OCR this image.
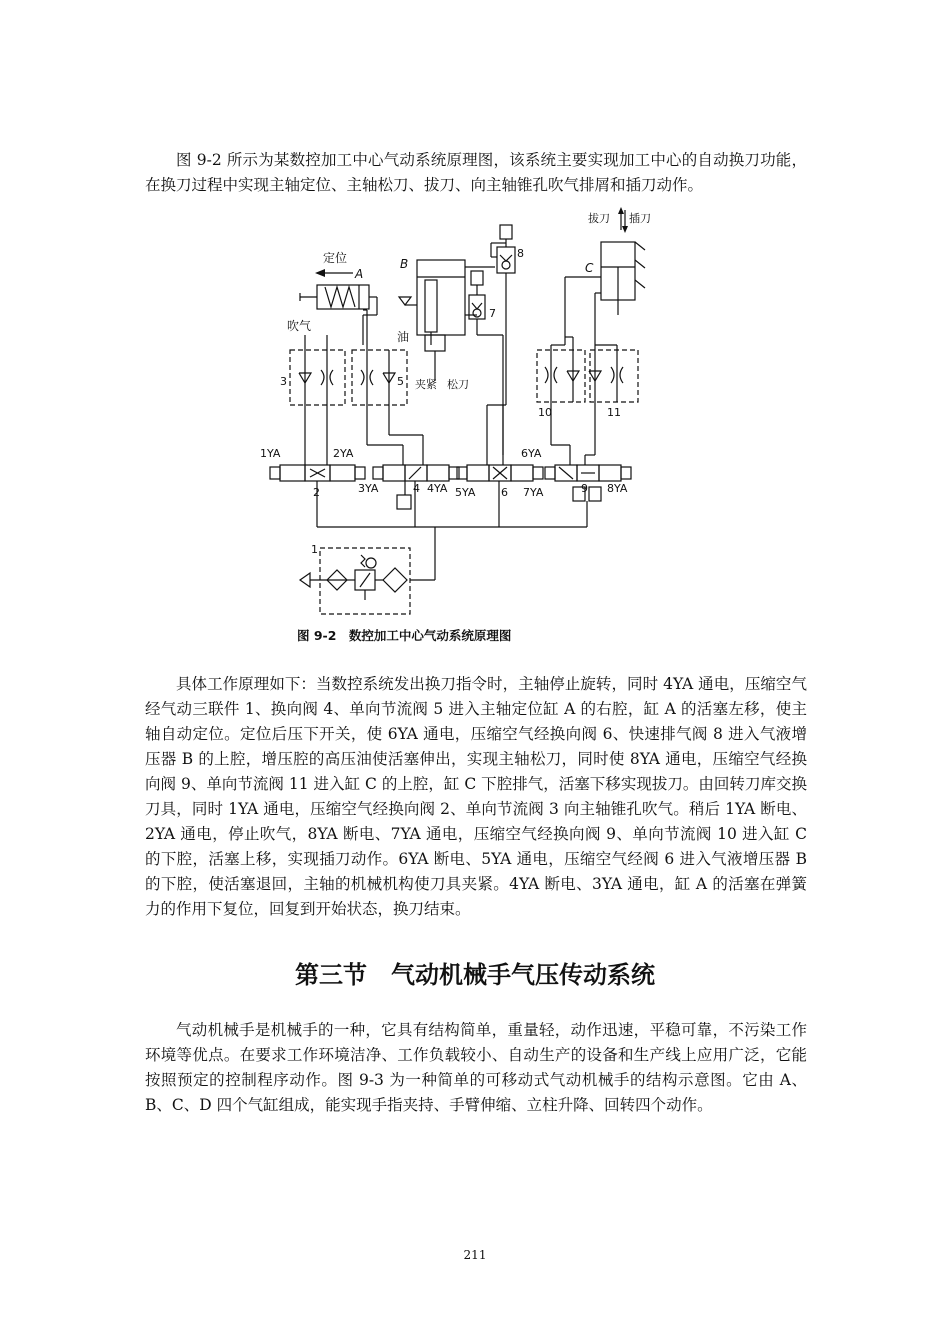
图 9-2 所示为某数控加工中心气动系统原理图，该系统主要实现加工中心的自动换刀功能，在换刀过程中实现主轴定位、主轴松刀、拔刀、向主轴锥孔吹气排屑和插刀动作。

定位
A
B	C
吹气
油
夹紧 松刀
拔刀 插刀
1
2
3
4
5
6
7
8
9
10	11
1YA	2YA
3YA	4YA 5YA
6YA
7YA	8YA
图 9-2　数控加工中心气动系统原理图

具体工作原理如下：当数控系统发出换刀指令时，主轴停止旋转，同时 4YA 通电，压缩空气经气动三联件 1、换向阀 4、单向节流阀 5 进入主轴定位缸 A 的右腔，缸 A 的活塞左移，使主轴自动定位。定位后压下开关，使 6YA 通电，压缩空气经换向阀 6、快速排气阀 8 进入气液增压器 B 的上腔，增压腔的高压油使活塞伸出，实现主轴松刀，同时使 8YA 通电，压缩空气经换向阀 9、单向节流阀 11 进入缸 C 的上腔，缸 C 下腔排气，活塞下移实现拔刀。由回转刀库交换刀具，同时 1YA 通电，压缩空气经换向阀 2、单向节流阀 3 向主轴锥孔吹气。稍后 1YA 断电、2YA 通电，停止吹气，8YA 断电、7YA 通电，压缩空气经换向阀 9、单向节流阀 10 进入缸 C 的下腔，活塞上移，实现插刀动作。6YA 断电、5YA 通电，压缩空气经阀 6 进入气液增压器 B 的下腔，使活塞退回，主轴的机械机构使刀具夹紧。4YA 断电、3YA 通电，缸 A 的活塞在弹簧力的作用下复位，回复到开始状态，换刀结束。

第三节　气动机械手气压传动系统

气动机械手是机械手的一种，它具有结构简单，重量轻，动作迅速，平稳可靠，不污染工作环境等优点。在要求工作环境洁净、工作负载较小、自动生产的设备和生产线上应用广泛，它能按照预定的控制程序动作。图 9-3 为一种简单的可移动式气动机械手的结构示意图。它由 A、B、C、D 四个气缸组成，能实现手指夹持、手臂伸缩、立柱升降、回转四个动作。

211
